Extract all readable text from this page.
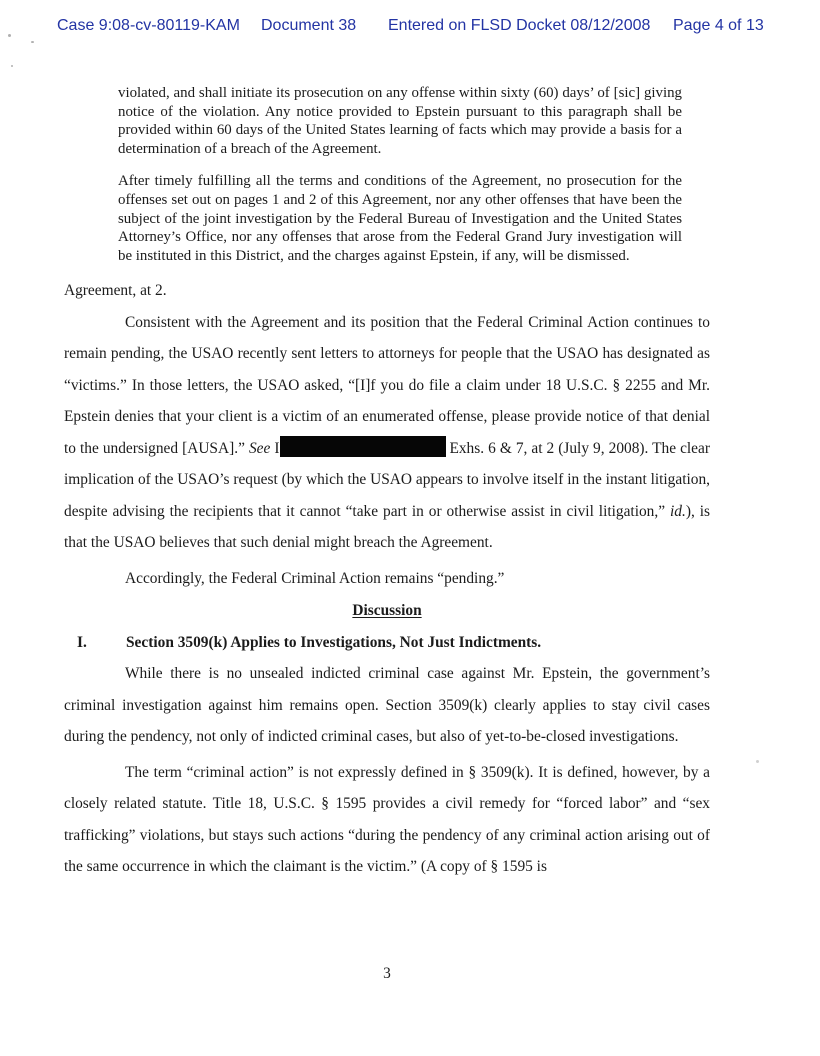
Case 9:08-cv-80119-KAM Document 38 Entered on FLSD Docket 08/12/2008 Page 4 of 13

violated, and shall initiate its prosecution on any offense within sixty (60) days’ of [sic] giving notice of the violation. Any notice provided to Epstein pursuant to this paragraph shall be provided within 60 days of the United States learning of facts which may provide a basis for a determination of a breach of the Agreement.

After timely fulfilling all the terms and conditions of the Agreement, no prosecution for the offenses set out on pages 1 and 2 of this Agreement, nor any other offenses that have been the subject of the joint investigation by the Federal Bureau of Investigation and the United States Attorney’s Office, nor any offenses that arose from the Federal Grand Jury investigation will be instituted in this District, and the charges against Epstein, if any, will be dismissed.

Agreement, at 2.

Consistent with the Agreement and its position that the Federal Criminal Action continues to remain pending, the USAO recently sent letters to attorneys for people that the USAO has designated as “victims.” In those letters, the USAO asked, “[I]f you do file a claim under 18 U.S.C. § 2255 and Mr. Epstein denies that your client is a victim of an enumerated offense, please provide notice of that denial to the undersigned [AUSA].” See I	Exhs. 6 & 7, at 2 (July 9, 2008). The clear implication of the USAO’s request (by which the USAO appears to involve itself in the instant litigation, despite advising the recipients that it cannot “take part in or otherwise assist in civil litigation,” id.), is that the USAO believes that such denial might breach the Agreement.

Accordingly, the Federal Criminal Action remains “pending.”

Discussion

I.	Section 3509(k) Applies to Investigations, Not Just Indictments.

While there is no unsealed indicted criminal case against Mr. Epstein, the government’s criminal investigation against him remains open. Section 3509(k) clearly applies to stay civil cases during the pendency, not only of indicted criminal cases, but also of yet-to-be-closed investigations.

The term “criminal action” is not expressly defined in § 3509(k). It is defined, however, by a closely related statute. Title 18, U.S.C. § 1595 provides a civil remedy for “forced labor” and “sex trafficking” violations, but stays such actions “during the pendency of any criminal action arising out of the same occurrence in which the claimant is the victim.” (A copy of § 1595 is

3
